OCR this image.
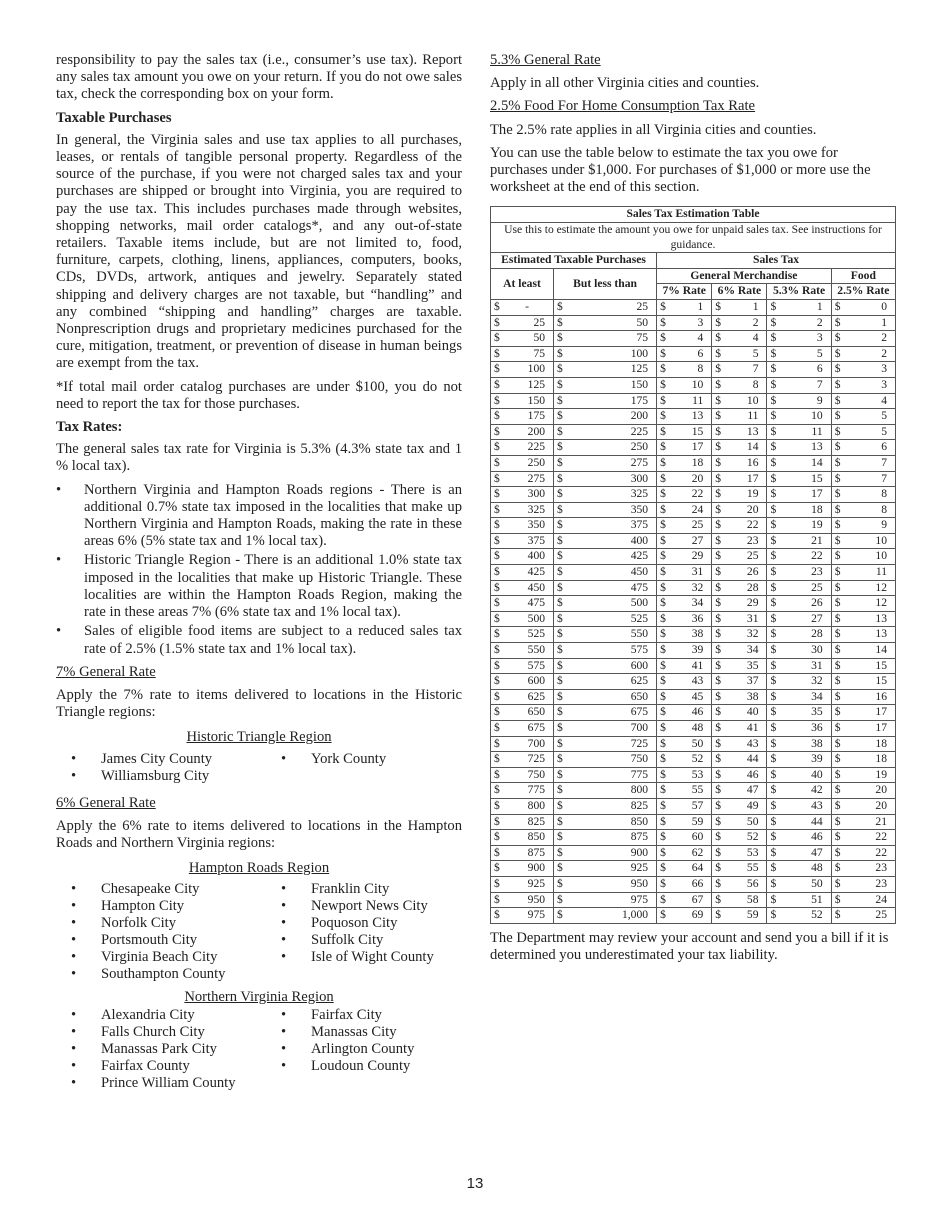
responsibility to pay the sales tax (i.e., consumer’s use tax). Report any sales tax amount you owe on your return. If you do not owe sales tax, check the corresponding box on your form.

Taxable Purchases

In general, the Virginia sales and use tax applies to all purchases, leases, or rentals of tangible personal property. Regardless of the source of the purchase, if you were not charged sales tax and your purchases are shipped or brought into Virginia, you are required to pay the use tax. This includes purchases made through websites, shopping networks, mail order catalogs*, and any out-of-state retailers. Taxable items include, but are not limited to, food, furniture, carpets, clothing, linens, appliances, computers, books, CDs, DVDs, artwork, antiques and jewelry. Separately stated shipping and delivery charges are not taxable, but “handling” and any combined “shipping and handling” charges are taxable. Nonprescription drugs and proprietary medicines purchased for the cure, mitigation, treatment, or prevention of disease in human beings are exempt from the tax.

*If total mail order catalog purchases are under $100, you do not need to report the tax for those purchases.

Tax Rates:

The general sales tax rate for Virginia is 5.3% (4.3% state tax and 1 % local tax).

• Northern Virginia and Hampton Roads regions - There is an additional 0.7% state tax imposed in the localities that make up Northern Virginia and Hampton Roads, making the rate in these areas 6% (5% state tax and 1% local tax).
• Historic Triangle Region - There is an additional 1.0% state tax imposed in the localities that make up Historic Triangle. These localities are within the Hampton Roads Region, making the rate in these areas 7% (6% state tax and 1% local tax).
• Sales of eligible food items are subject to a reduced sales tax rate of 2.5% (1.5% state tax and 1% local tax).

7% General Rate

Apply the 7% rate to items delivered to locations in the Historic Triangle regions:

Historic Triangle Region
• James City County	• York County
• Williamsburg City

6% General Rate

Apply the 6% rate to items delivered to locations in the Hampton Roads and Northern Virginia regions:

Hampton Roads Region
• Chesapeake City	• Franklin City
• Hampton City	• Newport News City
• Norfolk City	• Poquoson City
• Portsmouth City	• Suffolk City
• Virginia Beach City	• Isle of Wight County
• Southampton County
Northern Virginia Region
• Alexandria City	• Fairfax City
• Falls Church City	• Manassas City
• Manassas Park City	• Arlington County
• Fairfax County	• Loudoun County
• Prince William County

5.3% General Rate

Apply in all other Virginia cities and counties.

2.5% Food For Home Consumption Tax Rate

The 2.5% rate applies in all Virginia cities and counties.

You can use the table below to estimate the tax you owe for purchases under $1,000. For purchases of $1,000 or more use the worksheet at the end of this section.

Sales Tax Estimation Table											
Use this to estimate the amount you owe for unpaid sales tax. See instructions for guidance.											
Estimated Taxable Purchases				Sales Tax							
At least		But less than		General Merchandise						Food	
				7% Rate		6% Rate		5.3% Rate		2.5% Rate	
$	-	$	25	$	1	$	1	$	1	$	0
$	25	$	50	$	3	$	2	$	2	$	1
$	50	$	75	$	4	$	4	$	3	$	2
$	75	$	100	$	6	$	5	$	5	$	2
$	100	$	125	$	8	$	7	$	6	$	3
$	125	$	150	$	10	$	8	$	7	$	3
$	150	$	175	$	11	$	10	$	9	$	4
$	175	$	200	$	13	$	11	$	10	$	5
$	200	$	225	$	15	$	13	$	11	$	5
$	225	$	250	$	17	$	14	$	13	$	6
$	250	$	275	$	18	$	16	$	14	$	7
$	275	$	300	$	20	$	17	$	15	$	7
$	300	$	325	$	22	$	19	$	17	$	8
$	325	$	350	$	24	$	20	$	18	$	8
$	350	$	375	$	25	$	22	$	19	$	9
$	375	$	400	$	27	$	23	$	21	$	10
$	400	$	425	$	29	$	25	$	22	$	10
$	425	$	450	$	31	$	26	$	23	$	11
$	450	$	475	$	32	$	28	$	25	$	12
$	475	$	500	$	34	$	29	$	26	$	12
$	500	$	525	$	36	$	31	$	27	$	13
$	525	$	550	$	38	$	32	$	28	$	13
$	550	$	575	$	39	$	34	$	30	$	14
$	575	$	600	$	41	$	35	$	31	$	15
$	600	$	625	$	43	$	37	$	32	$	15
$	625	$	650	$	45	$	38	$	34	$	16
$	650	$	675	$	46	$	40	$	35	$	17
$	675	$	700	$	48	$	41	$	36	$	17
$	700	$	725	$	50	$	43	$	38	$	18
$	725	$	750	$	52	$	44	$	39	$	18
$	750	$	775	$	53	$	46	$	40	$	19
$	775	$	800	$	55	$	47	$	42	$	20
$	800	$	825	$	57	$	49	$	43	$	20
$	825	$	850	$	59	$	50	$	44	$	21
$	850	$	875	$	60	$	52	$	46	$	22
$	875	$	900	$	62	$	53	$	47	$	22
$	900	$	925	$	64	$	55	$	48	$	23
$	925	$	950	$	66	$	56	$	50	$	23
$	950	$	975	$	67	$	58	$	51	$	24
$	975	$	1,000	$	69	$	59	$	52	$	25

The Department may review your account and send you a bill if it is determined you underestimated your tax liability.

13
